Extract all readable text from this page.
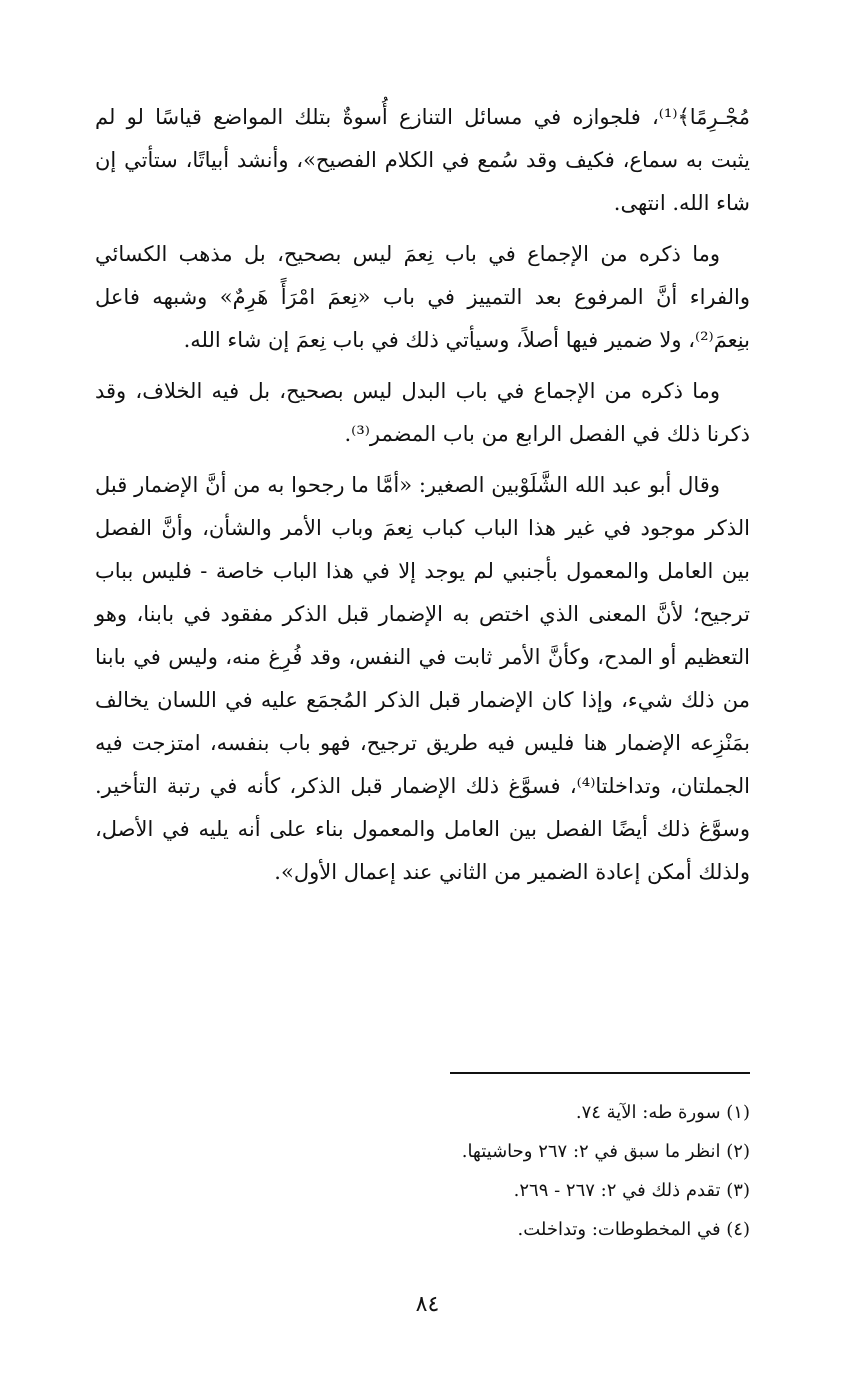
مُجْـرِمًا﴾⁽¹⁾، فلجوازه في مسائل التنازع أُسوةٌ بتلك المواضع قياسًا لو لم يثبت به سماع، فكيف وقد سُمع في الكلام الفصيح»، وأنشد أبياتًا، ستأتي إن شاء الله. انتهى.

وما ذكره من الإجماع في باب نِعمَ ليس بصحيح، بل مذهب الكسائي والفراء أنَّ المرفوع بعد التمييز في باب «نِعمَ امْرَأً هَرِمٌ» وشبهه فاعل بنِعمَ⁽²⁾، ولا ضمير فيها أصلاً، وسيأتي ذلك في باب نِعمَ إن شاء الله.

وما ذكره من الإجماع في باب البدل ليس بصحيح، بل فيه الخلاف، وقد ذكرنا ذلك في الفصل الرابع من باب المضمر⁽³⁾.

وقال أبو عبد الله الشَّلَوْبين الصغير: «أمَّا ما رجحوا به من أنَّ الإضمار قبل الذكر موجود في غير هذا الباب كباب نِعمَ وباب الأمر والشأن، وأنَّ الفصل بين العامل والمعمول بأجنبي لم يوجد إلا في هذا الباب خاصة - فليس بباب ترجيح؛ لأنَّ المعنى الذي اختص به الإضمار قبل الذكر مفقود في بابنا، وهو التعظيم أو المدح، وكأنَّ الأمر ثابت في النفس، وقد فُرِغ منه، وليس في بابنا من ذلك شيء، وإذا كان الإضمار قبل الذكر المُجمَع عليه في اللسان يخالف بمَنْزِعه الإضمار هنا فليس فيه طريق ترجيح، فهو باب بنفسه، امتزجت فيه الجملتان، وتداخلتا⁽⁴⁾، فسوَّغ ذلك الإضمار قبل الذكر، كأنه في رتبة التأخير. وسوَّغ ذلك أيضًا الفصل بين العامل والمعمول بناء على أنه يليه في الأصل، ولذلك أمكن إعادة الضمير من الثاني عند إعمال الأول».

(١) سورة طه: الآية ٧٤.
(٢) انظر ما سبق في ٢: ٢٦٧ وحاشيتها.
(٣) تقدم ذلك في ٢: ٢٦٧ - ٢٦٩.
(٤) في المخطوطات: وتداخلت.
٨٤
